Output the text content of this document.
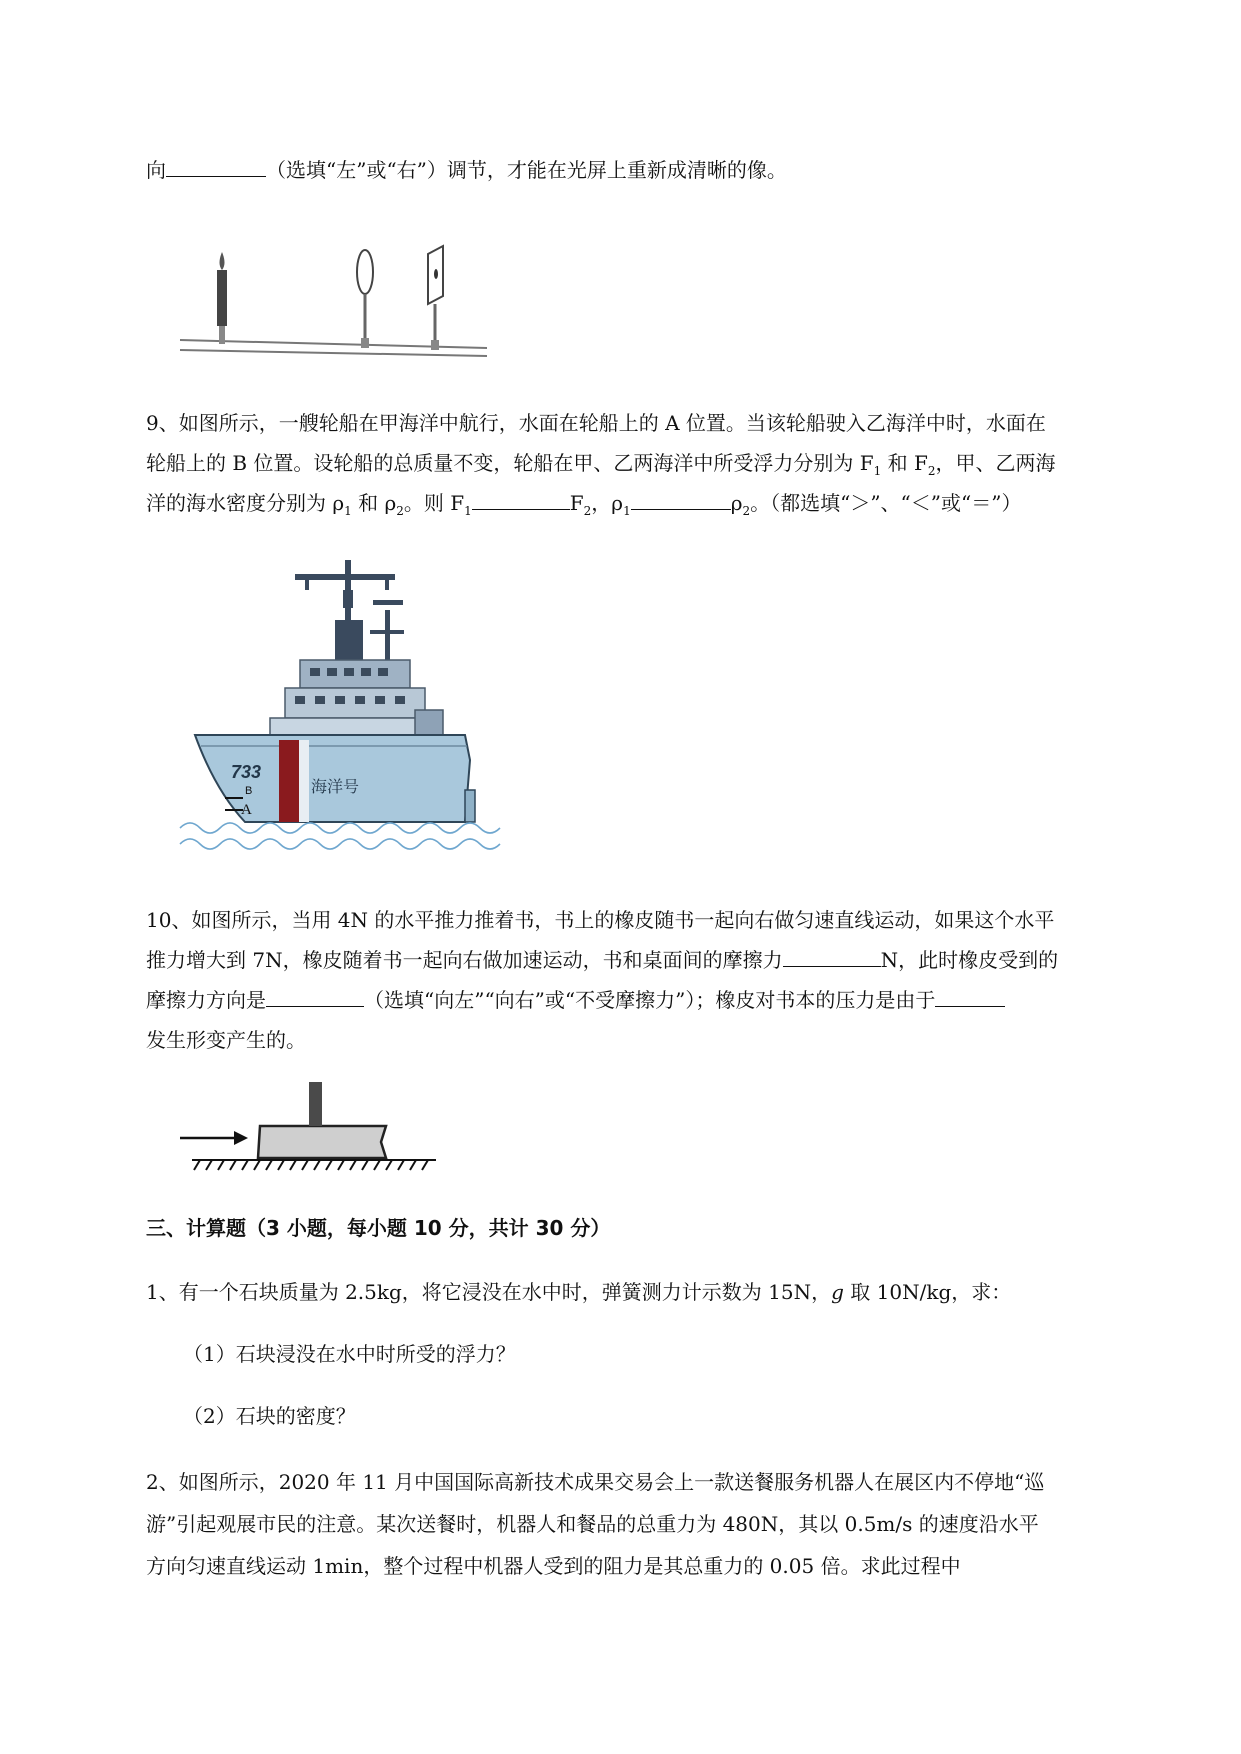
向	（选填“左”或“右”）调节，才能在光屏上重新成清晰的像。
9、如图所示，一艘轮船在甲海洋中航行，水面在轮船上的 A 位置。当该轮船驶入乙海洋中时，水面在
轮船上的 B 位置。设轮船的总质量不变，轮船在甲、乙两海洋中所受浮力分别为 $F_1$ 和 $F_2$，甲、乙两海
洋的海水密度分别为 $\rho_1$ 和 $\rho_2$。则 $F_1$	$F_2$，$\rho_1$	$\rho_2$。（都选填“＞”、“＜”或“＝”）
733
海洋号
B
A
10、如图所示，当用 4N 的水平推力推着书，书上的橡皮随书一起向右做匀速直线运动，如果这个水平
推力增大到 7N，橡皮随着书一起向右做加速运动，书和桌面间的摩擦力	N，此时橡皮受到的
摩擦力方向是	（选填“向左”“向右”或“不受摩擦力”）；橡皮对书本的压力是由于
发生形变产生的。
三、计算题（3 小题，每小题 10 分，共计 30 分）
1、有一个石块质量为 2.5kg，将它浸没在水中时，弹簧测力计示数为 15N，g 取 10N/kg，求：
（1）石块浸没在水中时所受的浮力？
（2）石块的密度？
2、如图所示，2020 年 11 月中国国际高新技术成果交易会上一款送餐服务机器人在展区内不停地“巡
游”引起观展市民的注意。某次送餐时，机器人和餐品的总重力为 480N，其以 0.5m/s 的速度沿水平
方向匀速直线运动 1min，整个过程中机器人受到的阻力是其总重力的 0.05 倍。求此过程中
